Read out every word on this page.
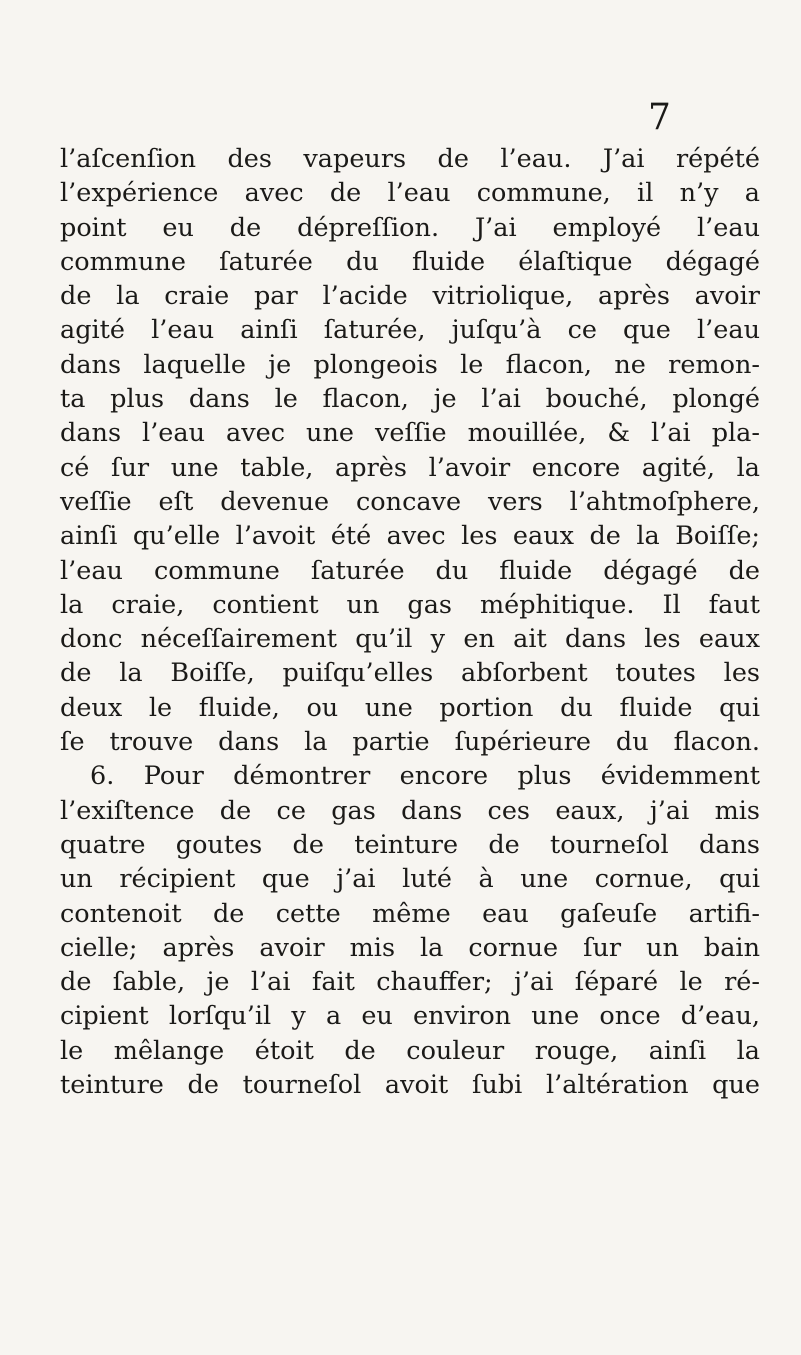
7
l’aſcenſion des vapeurs de l’eau. J’ai répété
l’expérience avec de l’eau commune, il n’y a
point eu de dépreſſion. J’ai employé l’eau
commune ſaturée du fluide élaſtique dégagé
de la craie par l’acide vitriolique, après avoir
agité l’eau ainſi ſaturée, juſqu’à ce que l’eau
dans laquelle je plongeois le flacon, ne remon-
ta plus dans le flacon, je l’ai bouché, plongé
dans l’eau avec une veſſie mouillée, & l’ai pla-
cé ſur une table, après l’avoir encore agité, la
veſſie eſt devenue concave vers l’ahtmoſphere,
ainſi qu’elle l’avoit été avec les eaux de la Boiſſe;
l’eau commune ſaturée du fluide dégagé de
la craie, contient un gas méphitique. Il faut
donc néceſſairement qu’il y en ait dans les eaux
de la Boiſſe, puiſqu’elles abſorbent toutes les
deux le fluide, ou une portion du fluide qui
ſe trouve dans la partie ſupérieure du flacon.
6. Pour démontrer encore plus évidemment
l’exiſtence de ce gas dans ces eaux, j’ai mis
quatre goutes de teinture de tourneſol dans
un récipient que j’ai luté à une cornue, qui
contenoit de cette même eau gaſeuſe artifi-
cielle; après avoir mis la cornue ſur un bain
de ſable, je l’ai fait chauffer; j’ai ſéparé le ré-
cipient lorſqu’il y a eu environ une once d’eau,
le mêlange étoit de couleur rouge, ainſi la
teinture de tourneſol avoit ſubi l’altération que
